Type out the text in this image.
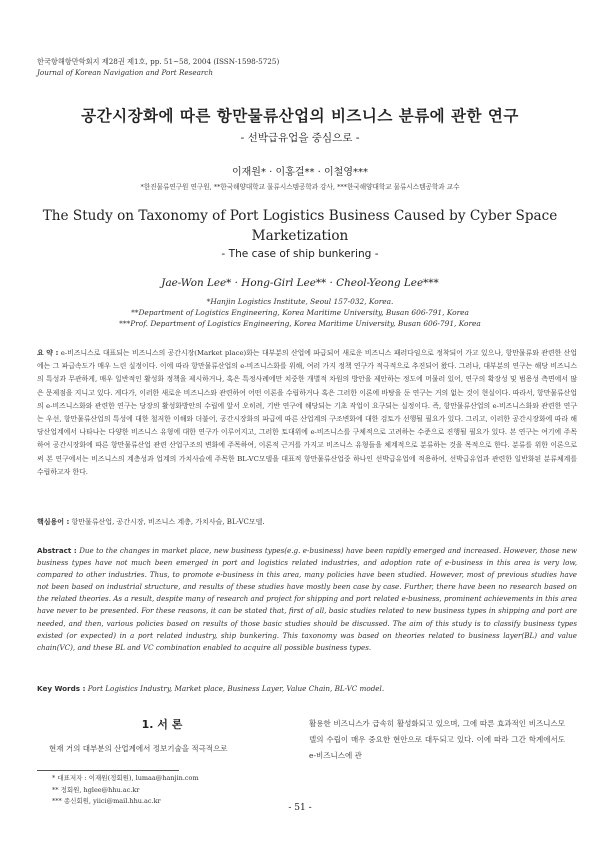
한국항해항만학회지 제28권 제1호, pp. 51~58, 2004 (ISSN-1598-5725)
Journal of Korean Navigation and Port Research
공간시장화에 따른 항만물류산업의 비즈니스 분류에 관한 연구
- 선박급유업을 중심으로 -
이재원* · 이홍걸** · 이철영***
*한진물류연구원 연구원, **한국해양대학교 물류시스템공학과 강사, ***한국해양대학교 물류시스템공학과 교수
The Study on Taxonomy of Port Logistics Business Caused by Cyber Space Marketization
- The case of ship bunkering -
Jae-Won Lee* · Hong-Girl Lee** · Cheol-Yeong Lee***
*Hanjin Logistics Institute, Seoul 157-032, Korea.
**Department of Logistics Engineering, Korea Maritime University, Busan 606-791, Korea
***Prof. Department of Logistics Engineering, Korea Maritime University, Busan 606-791, Korea
요 약 : e-비즈니스로 대표되는 비즈니스의 공간시장(Market place)화는 대부분의 산업에 파급되어 새로운 비즈니스 패러다임으로 정착되어 가고 있으나, 항만물류와 관련한 산업에는 그 파급속도가 매우 느린 실정이다. 이에 따라 항만물류산업의 e-비즈니스화를 위해, 여러 가지 정책 연구가 적극적으로 추진되어 왔다. 그러나, 대부분의 연구는 해당 비즈니스의 특성과 무관하게, 매우 일반적인 활성화 정책을 제시하거나, 혹은 특정사례에만 치중한 개별적 차원의 방안을 제안하는 정도에 머물러 있어, 연구의 확장성 및 범용성 측면에서 많은 문제점을 지니고 있다. 게다가, 이러한 새로운 비즈니스와 관련하여 어떤 이론을 수립하거나 혹은 그러한 이론에 바탕을 둔 연구는 거의 없는 것이 현실이다. 따라서, 항만물류산업의 e-비즈니스화와 관련한 연구는 당장의 활성화방안의 수립에 앞서 오히려, 기반 연구에 해당되는 기초 작업이 요구되는 실정이다. 즉, 항만물류산업의 e-비즈니스화와 관련한 연구는 우선, 항만물류산업의 특성에 대한 철저한 이해와 더불어, 공간시장화의 파급에 따른 산업계의 구조변화에 대한 검토가 선행될 필요가 있다. 그리고, 이러한 공간시장화에 따라 해당산업계에서 나타나는 다양한 비즈니스 유형에 대한 연구가 이루어지고, 그러한 토대위에 e-비즈니스를 구체적으로 고려하는 수준으로 진행될 필요가 있다. 본 연구는 여기에 주목하여 공간시장화에 따른 항만물류산업 관련 산업구조의 변화에 주목하여, 이론적 근거를 가지고 비즈니스 유형들을 체계적으로 분류하는 것을 목적으로 한다. 분류를 위한 이론으로써 본 연구에서는 비즈니스의 계층성과 업계의 가치사슬에 주목한 BL-VC모델을 대표적 항만물류산업중 하나인 선박급유업에 적용하여, 선박급유업과 관련한 일반화된 분류체계를 수립하고자 한다.
핵심용어 : 항만물류산업, 공간시장, 비즈니스 계층, 가치사슬, BL-VC모델.
Abstract : Due to the changes in market place, new business types(e.g. e-business) have been rapidly emerged and increased. However, those new business types have not much been emerged in port and logistics related industries, and adoption rate of e-business in this area is very low, compared to other industries. Thus, to promote e-business in this area, many policies have been studied. However, most of previous studies have not been based on industrial structure, and results of these studies have mostly been case by case. Further, there have been no research based on the related theories. As a result, despite many of research and project for shipping and port related e-business, prominent achievements in this area have never to be presented. For these reasons, it can be stated that, first of all, basic studies related to new business types in shipping and port are needed, and then, various policies based on results of those basic studies should be discussed. The aim of this study is to classify business types existed (or expected) in a port related industry, ship bunkering. This taxonomy was based on theories related to business layer(BL) and value chain(VC), and these BL and VC combination enabled to acquire all possible business types.
Key Words : Port Logistics Industry, Market place, Business Layer, Value Chain, BL-VC model.
1. 서 론
현재 거의 대부분의 산업계에서 정보기술을 적극적으로
활용한 비즈니스가 급속히 활성화되고 있으며, 그에 따른 효과적인 비즈니스모델의 수립이 매우 중요한 현안으로 대두되고 있다. 이에 따라 그간 학계에서도 e-비즈니스에 관
* 대표저자 : 이재원(정회원), lumaa@hanjin.com
** 정회원, hglee@hhu.ac.kr
*** 종신회원, yiici@mail.hhu.ac.kr
- 51 -
